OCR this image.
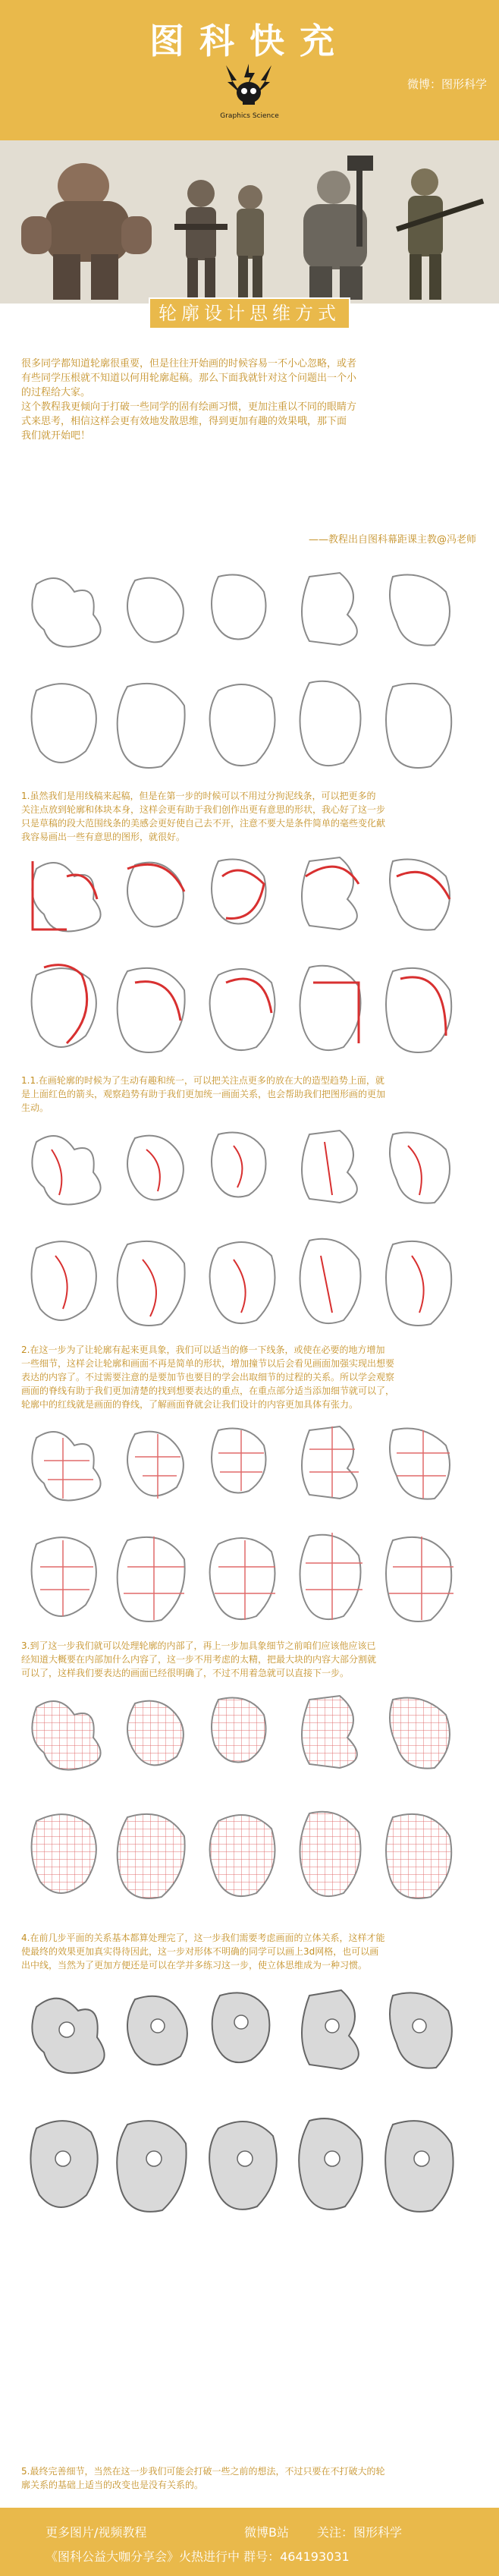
图科快充
Graphics Science
微博：图形科学
轮廓设计思维方式

很多同学都知道轮廓很重要，但是往往开始画的时候容易一不小心忽略，或者

有些同学压根就不知道以何用轮廓起稿。那么下面我就针对这个问题出一个小

的过程给大家。

这个教程我更倾向于打破一些同学的固有绘画习惯，更加注重以不同的眼睛方

式来思考，相信这样会更有效地发散思维，得到更加有趣的效果哦，那下面

我们就开始吧！

——教程出自图科幕距课主教@冯老师
1.虽然我们是用线稿来起稿，但是在第一步的时候可以不用过分拘泥线条，可以把更多的
关注点放到轮廓和体块本身，这样会更有助于我们创作出更有意思的形状，我心好了这一步
只是草稿的段大范围线条的美感会更好使自己去不开，注意不要大是条件简单的毫些变化献
我容易画出一些有意思的图形，就很好。
1.1.在画轮廓的时候为了生动有趣和统一，可以把关注点更多的放在大的造型趋势上面，就
是上面红色的箭头，观察趋势有助于我们更加统一画面关系，也会帮助我们把图形画的更加
生动。
2.在这一步为了让轮廓有起来更具象，我们可以适当的修一下线条，或使在必要的地方增加
一些细节，这样会让轮廓和画面不再是简单的形状，增加撞节以后会看见画面加强实现出想要
表达的内容了。不过需要注意的是要加节也要目的学会出取细节的过程的关系。所以学会观察
画面的脊线有助于我们更加清楚的找到想要表达的重点，在重点部分适当添加细节就可以了，
轮廓中的红线就是画面的脊线，了解画面脊就会让我们设计的内容更加具体有张力。
3.到了这一步我们就可以处理轮廓的内部了，再上一步加具象细节之前咱们应该他应该已
经知道大概要在内部加什么内容了，这一步不用考虑的太精，把最大块的内容大部分割就
可以了，这样我们要表达的画面已经很明确了，不过不用着急就可以直接下一步。
4.在前几步平面的关系基本都算处理完了，这一步我们需要考虑画面的立体关系，这样才能
使最终的效果更加真实得待因此，这一步对形体不明确的同学可以画上3d网格，也可以画
出中线，当然为了更加方便还是可以在学并多练习这一步，使立体思维成为一种习惯。
5.最终完善细节，当然在这一步我们可能会打破一些之前的想法，不过只要在不打破大的轮
廓关系的基础上适当的改变也是没有关系的。
更多图片/视频教程	微博B站 关注：图形科学
《图科公益大咖分享会》火热进行中 群号：464193031
